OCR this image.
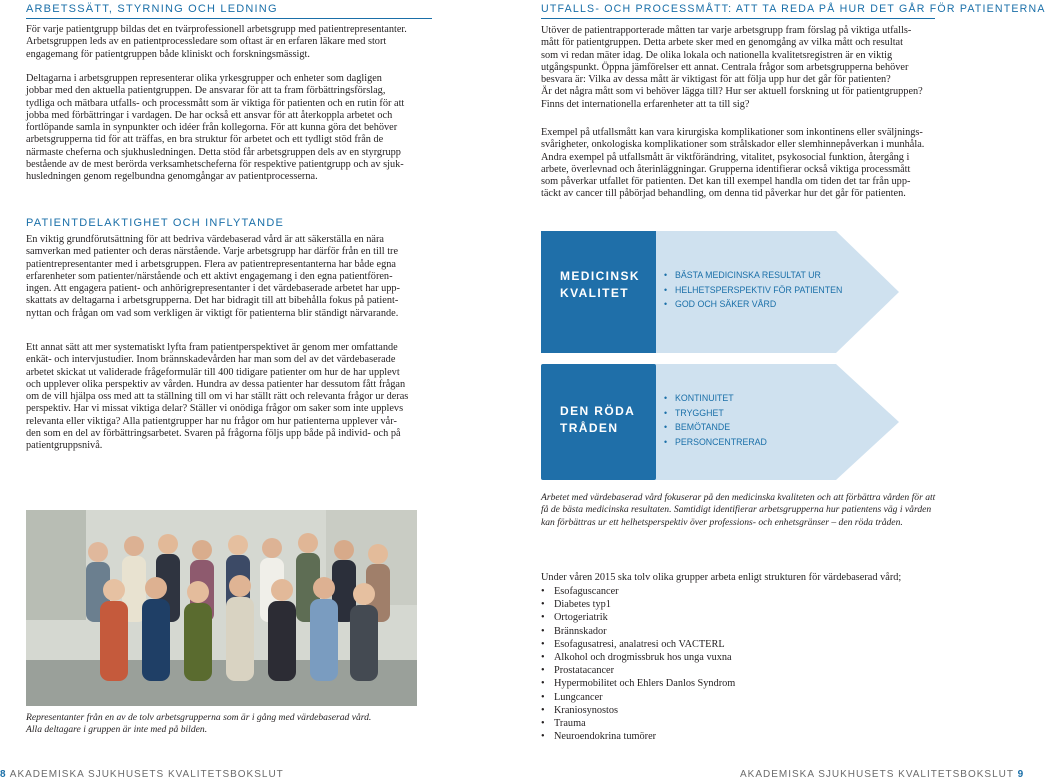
ARBETSSÄTT, STYRNING OCH LEDNING
För varje patientgrupp bildas det en tvärprofessionell arbetsgrupp med patientrepresentanter.
Arbetsgruppen leds av en patientprocessledare som oftast är en erfaren läkare med stort
engagemang för patientgruppen både kliniskt och forskningsmässigt.
Deltagarna i arbetsgruppen representerar olika yrkesgrupper och enheter som dagligen
jobbar med den aktuella patientgruppen. De ansvarar för att ta fram förbättringsförslag,
tydliga och mätbara utfalls- och processmått som är viktiga för patienten och en rutin för att
jobba med förbättringar i vardagen. De har också ett ansvar för att återkoppla arbetet och
fortlöpande samla in synpunkter och idéer från kollegorna. För att kunna göra det behöver
arbetsgrupperna tid för att träffas, en bra struktur för arbetet och ett tydligt stöd från de
närmaste cheferna och sjukhusledningen. Detta stöd får arbetsgruppen dels av en styrgrupp
bestående av de mest berörda verksamhetscheferna för respektive patientgrupp och av sjuk-
husledningen genom regelbundna genomgångar av patientprocesserna.
PATIENTDELAKTIGHET OCH INFLYTANDE
En viktig grundförutsättning för att bedriva värdebaserad vård är att säkerställa en nära
samverkan med patienter och deras närstående. Varje arbetsgrupp har därför från en till tre
patientrepresentanter med i arbetsgruppen. Flera av patientrepresentanterna har både egna
erfarenheter som patienter/närstående och ett aktivt engagemang i den egna patientfören-
ingen. Att engagera patient- och anhörigrepresentanter i det värdebaserade arbetet har upp-
skattats av deltagarna i arbetsgrupperna. Det har bidragit till att bibehålla fokus på patient-
nyttan och frågan om vad som verkligen är viktigt för patienterna blir ständigt närvarande.
Ett annat sätt att mer systematiskt lyfta fram patientperspektivet är genom mer omfattande
enkät- och intervjustudier. Inom brännskadevården har man som del av det värdebaserade
arbetet skickat ut validerade frågeformulär till 400 tidigare patienter om hur de har upplevt
och upplever olika perspektiv av vården. Hundra av dessa patienter har dessutom fått frågan
om de vill hjälpa oss med att ta ställning till om vi har ställt rätt och relevanta frågor ur deras
perspektiv. Har vi missat viktiga delar? Ställer vi onödiga frågor om saker som inte upplevs
relevanta eller viktiga? Alla patientgrupper har nu frågor om hur patienterna upplever vår-
den som en del av förbättringsarbetet. Svaren på frågorna följs upp både på individ- och på
patientgruppsnivå.
Representanter från en av de tolv arbetsgrupperna som är i gång med värdebaserad vård.
Alla deltagare i gruppen är inte med på bilden.
8 AKADEMISKA SJUKHUSETS KVALITETSBOKSLUT
UTFALLS- OCH PROCESSMÅTT: ATT TA REDA PÅ HUR DET GÅR FÖR PATIENTERNA
Utöver de patientrapporterade måtten tar varje arbetsgrupp fram förslag på viktiga utfalls-
mått för patientgruppen. Detta arbete sker med en genomgång av vilka mått och resultat
som vi redan mäter idag. De olika lokala och nationella kvalitetsregistren är en viktig
utgångspunkt. Öppna jämförelser ett annat. Centrala frågor som arbetsgrupperna behöver
besvara är: Vilka av dessa mått är viktigast för att följa upp hur det går för patienten?
Är det några mått som vi behöver lägga till? Hur ser aktuell forskning ut för patientgruppen?
Finns det internationella erfarenheter att ta till sig?
Exempel på utfallsmått kan vara kirurgiska komplikationer som inkontinens eller sväljnings-
svårigheter, onkologiska komplikationer som strålskador eller slemhinnepåverkan i munhåla.
Andra exempel på utfallsmått är viktförändring, vitalitet, psykosocial funktion, återgång i
arbete, överlevnad och återinläggningar. Grupperna identifierar också viktiga processmått
som påverkar utfallet för patienten. Det kan till exempel handla om tiden det tar från upp-
täckt av cancer till påbörjad behandling, om denna tid påverkar hur det går för patienten.
MEDICINSK
KVALITET
• BÄSTA MEDICINSKA RESULTAT UR
• HELHETSPERSPEKTIV FÖR PATIENTEN
• GOD OCH SÄKER VÅRD
DEN RÖDA
TRÅDEN
• KONTINUITET
• TRYGGHET
• BEMÖTANDE
• PERSONCENTRERAD
Arbetet med värdebaserad vård fokuserar på den medicinska kvaliteten och att förbättra vården för att
få de bästa medicinska resultaten. Samtidigt identifierar arbetsgrupperna hur patientens väg i vården
kan förbättras ur ett helhetsperspektiv över professions- och enhetsgränser – den röda tråden.
Under våren 2015 ska tolv olika grupper arbeta enligt strukturen för värdebaserad vård;
• Esofaguscancer
• Diabetes typ1
• Ortogeriatrik
• Brännskador
• Esofagusatresi, analatresi och VACTERL
• Alkohol och drogmissbruk hos unga vuxna
• Prostatacancer
• Hypermobilitet och Ehlers Danlos Syndrom
• Lungcancer
• Kraniosynostos
• Trauma
• Neuroendokrina tumörer
AKADEMISKA SJUKHUSETS KVALITETSBOKSLUT 9
